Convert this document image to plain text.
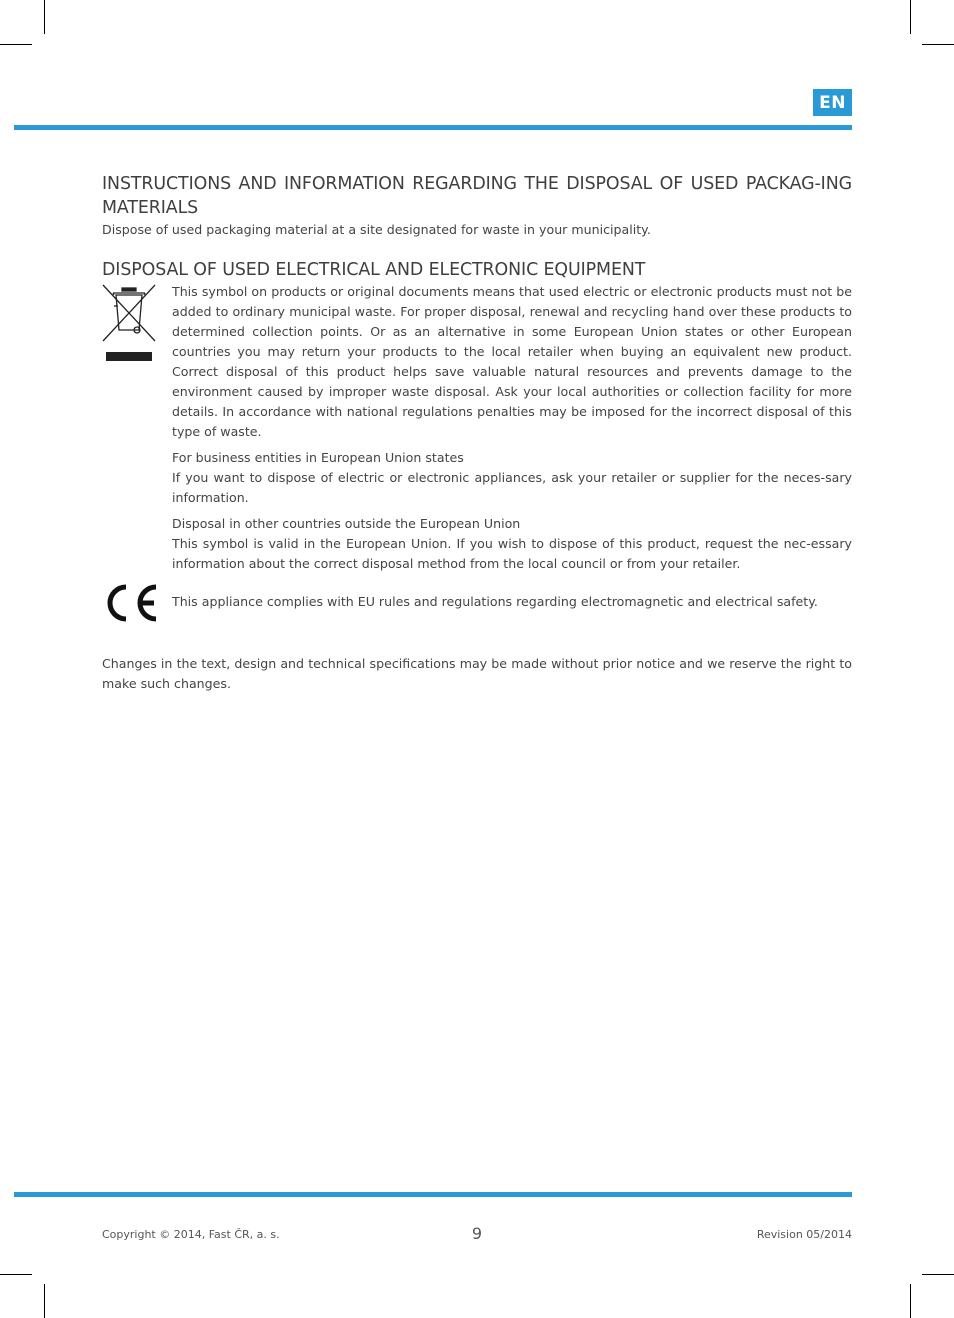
EN
INSTRUCTIONS AND INFORMATION REGARDING THE DISPOSAL OF USED PACKAG-ING MATERIALS

Dispose of used packaging material at a site designated for waste in your municipality.

DISPOSAL OF USED ELECTRICAL AND ELECTRONIC EQUIPMENT

This symbol on products or original documents means that used electric or electronic products must not be added to ordinary municipal waste. For proper disposal, renewal and recycling hand over these products to determined collection points. Or as an alternative in some European Union states or other European countries you may return your products to the local retailer when buying an equivalent new product. Correct disposal of this product helps save valuable natural resources and prevents damage to the environment caused by improper waste disposal. Ask your local authorities or collection facility for more details. In accordance with national regulations penalties may be imposed for the incorrect disposal of this type of waste.

For business entities in European Union states

If you want to dispose of electric or electronic appliances, ask your retailer or supplier for the neces-sary information.

Disposal in other countries outside the European Union

This symbol is valid in the European Union. If you wish to dispose of this product, request the nec-essary information about the correct disposal method from the local council or from your retailer.

This appliance complies with EU rules and regulations regarding electromagnetic and electrical safety.

Changes in the text, design and technical specifications may be made without prior notice and we reserve the right to make such changes.

Copyright © 2014, Fast ČR, a. s.	9	Revision 05/2014
